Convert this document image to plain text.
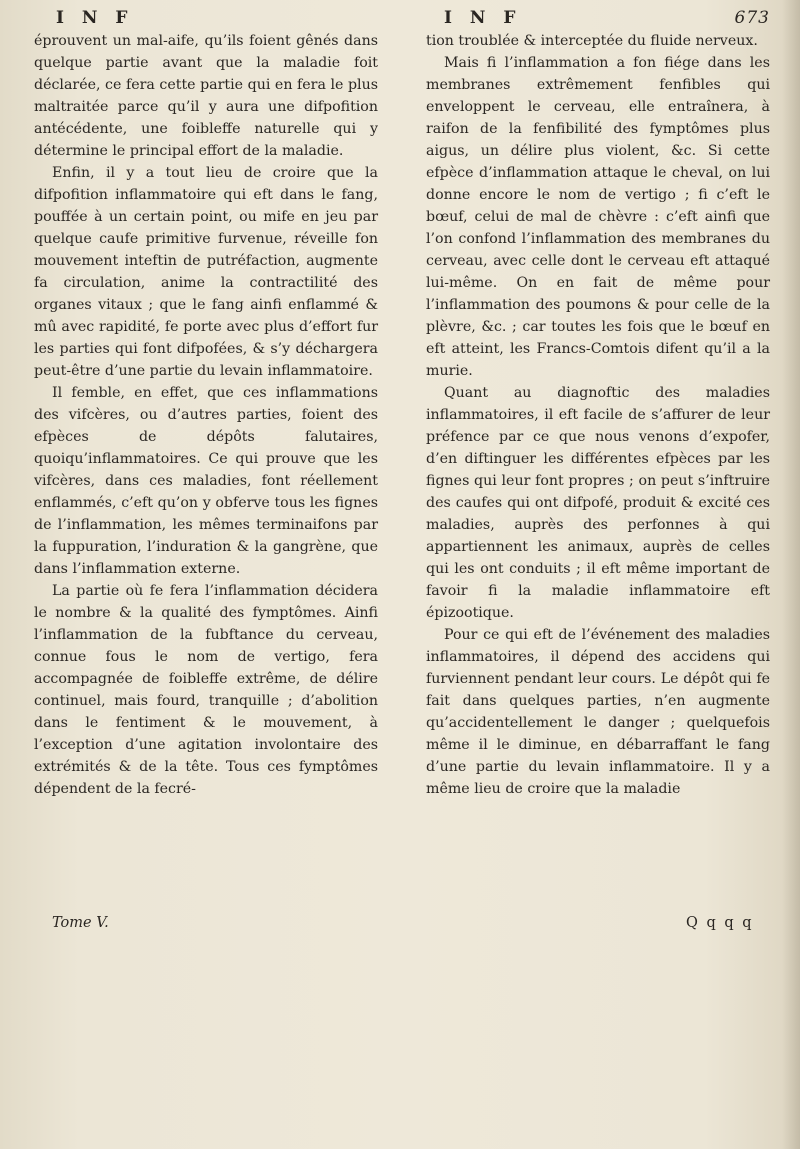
I N F	I N F	673

éprouvent un mal-aife, qu’ils foient gênés dans quelque partie avant que la maladie foit déclarée, ce fera cette partie qui en fera le plus maltraitée parce qu’il y aura une difpofition antécédente, une foibleffe naturelle qui y détermine le principal effort de la maladie.

Enfin, il y a tout lieu de croire que la difpofition inflammatoire qui eft dans le fang, pouffée à un certain point, ou mife en jeu par quelque caufe primitive furvenue, réveille fon mouvement inteftin de putréfaction, augmente fa circulation, anime la contractilité des organes vitaux ; que le fang ainfi enflammé & mû avec rapidité, fe porte avec plus d’effort fur les parties qui font difpofées, & s’y déchargera peut-être d’une partie du levain inflammatoire.

Il femble, en effet, que ces inflammations des vifcères, ou d’autres parties, foient des efpèces de dépôts falutaires, quoiqu’inflammatoires. Ce qui prouve que les vifcères, dans ces maladies, font réellement enflammés, c’eft qu’on y obferve tous les fignes de l’inflammation, les mêmes terminaifons par la fuppuration, l’induration & la gangrène, que dans l’inflammation externe.

La partie où fe fera l’inflammation décidera le nombre & la qualité des fymptômes. Ainfi l’inflammation de la fubftance du cerveau, connue fous le nom de vertigo, fera accompagnée de foibleffe extrême, de délire continuel, mais fourd, tranquille ; d’abolition dans le fentiment & le mouvement, à l’exception d’une agitation involontaire des extrémités & de la tête. Tous ces fymptômes dépendent de la fecré-

tion troublée & interceptée du fluide nerveux.

Mais fi l’inflammation a fon fiége dans les membranes extrêmement fenfibles qui enveloppent le cerveau, elle entraînera, à raifon de la fenfibilité des fymptômes plus aigus, un délire plus violent, &c. Si cette efpèce d’inflammation attaque le cheval, on lui donne encore le nom de vertigo ; fi c’eft le bœuf, celui de mal de chèvre : c’eft ainfi que l’on confond l’inflammation des membranes du cerveau, avec celle dont le cerveau eft attaqué lui-même. On en fait de même pour l’inflammation des poumons & pour celle de la plèvre, &c. ; car toutes les fois que le bœuf en eft atteint, les Francs-Comtois difent qu’il a la murie.

Quant au diagnoftic des maladies inflammatoires, il eft facile de s’affurer de leur préfence par ce que nous venons d’expofer, d’en diftinguer les différentes efpèces par les fignes qui leur font propres ; on peut s’inftruire des caufes qui ont difpofé, produit & excité ces maladies, auprès des perfonnes à qui appartiennent les animaux, auprès de celles qui les ont conduits ; il eft même important de favoir fi la maladie inflammatoire eft épizootique.

Pour ce qui eft de l’événement des maladies inflammatoires, il dépend des accidens qui furviennent pendant leur cours. Le dépôt qui fe fait dans quelques parties, n’en augmente qu’accidentellement le danger ; quelquefois même il le diminue, en débarraffant le fang d’une partie du levain inflammatoire. Il y a même lieu de croire que la maladie

Tome V.	Q q q q
